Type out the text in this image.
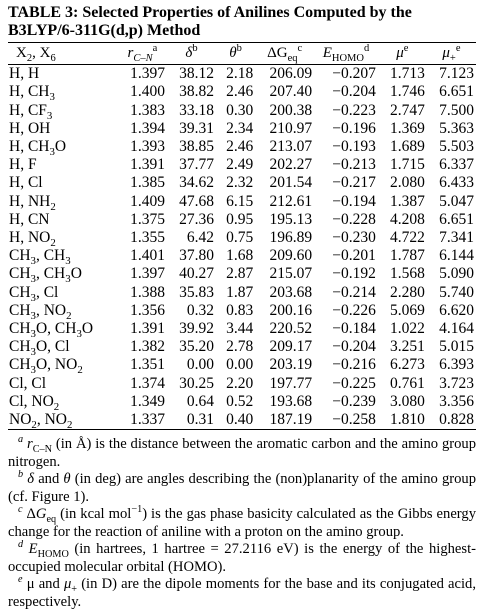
TABLE 3: Selected Properties of Anilines Computed by the
B3LYP/6-311G(d,p) Method
$X_2$, $X_6$	$r_{C-N}^a$	$\delta^b$	$\theta^b$	$\Delta G_{eq}^c$	$E_{HOMO}^d$	$\mu^e$	$\mu_+^e$

H, H	1.397	38.12	2.18	206.09	−0.207	1.713	7.123
H, $CH_3$	1.400	38.82	2.46	207.40	−0.204	1.746	6.651
H, $CF_3$	1.383	33.18	0.30	200.38	−0.223	2.747	7.500
H, OH	1.394	39.31	2.34	210.97	−0.196	1.369	5.363
H, $CH_3O$	1.393	38.85	2.46	213.07	−0.193	1.689	5.503
H, F	1.391	37.77	2.49	202.27	−0.213	1.715	6.337
H, Cl	1.385	34.62	2.32	201.54	−0.217	2.080	6.433
H, $NH_2$	1.409	47.68	6.15	212.61	−0.194	1.387	5.047
H, CN	1.375	27.36	0.95	195.13	−0.228	4.208	6.651
H, $NO_2$	1.355	6.42	0.75	196.89	−0.230	4.722	7.341
$CH_3$, $CH_3$	1.401	37.80	1.68	209.60	−0.201	1.787	6.144
$CH_3$, $CH_3O$	1.397	40.27	2.87	215.07	−0.192	1.568	5.090
$CH_3$, Cl	1.388	35.83	1.87	203.68	−0.214	2.280	5.740
$CH_3$, $NO_2$	1.356	0.32	0.83	200.16	−0.226	5.069	6.620
$CH_3O$, $CH_3O$	1.391	39.92	3.44	220.52	−0.184	1.022	4.164
$CH_3O$, Cl	1.382	35.20	2.78	209.17	−0.204	3.251	5.015
$CH_3O$, $NO_2$	1.351	0.00	0.00	203.19	−0.216	6.273	6.393
Cl, Cl	1.374	30.25	2.20	197.77	−0.225	0.761	3.723
Cl, $NO_2$	1.349	0.64	0.52	193.68	−0.239	3.080	3.356
$NO_2$, $NO_2$	1.337	0.31	0.40	187.19	−0.258	1.810	0.828

$^a$ $r_{C-N}$ (in Å) is the distance between the aromatic carbon and the amino group nitrogen.

$^b$ δ and θ (in deg) are angles describing the (non)planarity of the amino group (cf. Figure 1).

$^c$ $\Delta G_{eq}$ (in kcal mol$^{-1}$) is the gas phase basicity calculated as the Gibbs energy change for the reaction of aniline with a proton on the amino group.

$^d$ $E_{HOMO}$ (in hartrees, 1 hartree = 27.2116 eV) is the energy of the highest-occupied molecular orbital (HOMO).

$^e$ μ and $\mu_+$ (in D) are the dipole moments for the base and its conjugated acid, respectively.
